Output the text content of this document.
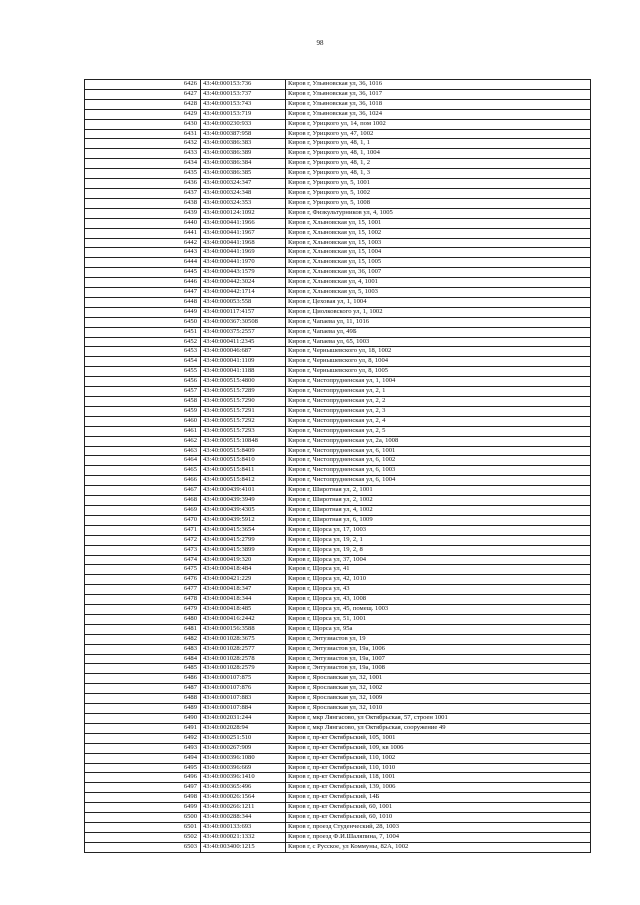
98
6426	43:40:000153:736	Киров г, Ульяновская ул, 36, 1016
6427	43:40:000153:737	Киров г, Ульяновская ул, 36, 1017
6428	43:40:000153:743	Киров г, Ульяновская ул, 36, 1018
6429	43:40:000153:719	Киров г, Ульяновская ул, 36, 1024
6430	43:40:000230:933	Киров г, Урицкого ул, 14, пом 1002
6431	43:40:000387:958	Киров г, Урицкого ул, 47, 1002
6432	43:40:000386:383	Киров г, Урицкого ул, 48, 1, 1
6433	43:40:000386:389	Киров г, Урицкого ул, 48, 1, 1004
6434	43:40:000386:384	Киров г, Урицкого ул, 48, 1, 2
6435	43:40:000386:385	Киров г, Урицкого ул, 48, 1, 3
6436	43:40:000324:347	Киров г, Урицкого ул, 5, 1001
6437	43:40:000324:348	Киров г, Урицкого ул, 5, 1002
6438	43:40:000324:353	Киров г, Урицкого ул, 5, 1008
6439	43:40:000124:1092	Киров г, Физкультурников ул, 4, 1005
6440	43:40:000441:1966	Киров г, Хлыновская ул, 15, 1001
6441	43:40:000441:1967	Киров г, Хлыновская ул, 15, 1002
6442	43:40:000441:1968	Киров г, Хлыновская ул, 15, 1003
6443	43:40:000441:1969	Киров г, Хлыновская ул, 15, 1004
6444	43:40:000441:1970	Киров г, Хлыновская ул, 15, 1005
6445	43:40:000443:1579	Киров г, Хлыновская ул, 36, 1007
6446	43:40:000442:3024	Киров г, Хлыновская ул, 4, 1001
6447	43:40:000442:1714	Киров г, Хлыновская ул, 5, 1003
6448	43:40:000053:558	Киров г, Цеховая ул, 1, 1004
6449	43:40:000117:4157	Киров г, Циолковского ул, 1, 1002
6450	43:40:000367:30508	Киров г, Чапаева ул, 11, 1016
6451	43:40:000375:2557	Киров г, Чапаева ул, 49Б
6452	43:40:000411:2345	Киров г, Чапаева ул, 65, 1003
6453	43:40:000046:687	Киров г, Чернышевского ул, 18, 1002
6454	43:40:000041:1109	Киров г, Чернышевского ул, 8, 1004
6455	43:40:000041:1188	Киров г, Чернышевского ул, 8, 1005
6456	43:40:000515:4800	Киров г, Чистопрудненская ул, 1, 1004
6457	43:40:000515:7289	Киров г, Чистопрудненская ул, 2, 1
6458	43:40:000515:7290	Киров г, Чистопрудненская ул, 2, 2
6459	43:40:000515:7291	Киров г, Чистопрудненская ул, 2, 3
6460	43:40:000515:7292	Киров г, Чистопрудненская ул, 2, 4
6461	43:40:000515:7293	Киров г, Чистопрудненская ул, 2, 5
6462	43:40:000515:10848	Киров г, Чистопрудненская ул, 2а, 1008
6463	43:40:000515:8409	Киров г, Чистопрудненская ул, 6, 1001
6464	43:40:000515:8410	Киров г, Чистопрудненская ул, 6, 1002
6465	43:40:000515:8411	Киров г, Чистопрудненская ул, 6, 1003
6466	43:40:000515:8412	Киров г, Чистопрудненская ул, 6, 1004
6467	43:40:000439:4101	Киров г, Широтная ул, 2, 1001
6468	43:40:000439:3949	Киров г, Широтная ул, 2, 1002
6469	43:40:000439:4305	Киров г, Широтная ул, 4, 1002
6470	43:40:000439:5912	Киров г, Широтная ул, 6, 1009
6471	43:40:000415:3654	Киров г, Щорса ул, 17, 1003
6472	43:40:000415:2799	Киров г, Щорса ул, 19, 2, 1
6473	43:40:000415:3899	Киров г, Щорса ул, 19, 2, 8
6474	43:40:000419:320	Киров г, Щорса ул, 37, 1004
6475	43:40:000418:484	Киров г, Щорса ул, 41
6476	43:40:000421:229	Киров г, Щорса ул, 42, 1010
6477	43:40:000418:347	Киров г, Щорса ул, 43
6478	43:40:000418:344	Киров г, Щорса ул, 43, 1008
6479	43:40:000418:485	Киров г, Щорса ул, 45, помещ. 1003
6480	43:40:000416:2442	Киров г, Щорса ул, 51, 1001
6481	43:40:000156:3588	Киров г, Щорса ул, 95а
6482	43:40:001028:3675	Киров г, Энтузиастов ул, 19
6483	43:40:001028:2577	Киров г, Энтузиастов ул, 19а, 1006
6484	43:40:001028:2578	Киров г, Энтузиастов ул, 19а, 1007
6485	43:40:001028:2579	Киров г, Энтузиастов ул, 19а, 1008
6486	43:40:000107:875	Киров г, Ярославская ул, 32, 1001
6487	43:40:000107:876	Киров г, Ярославская ул, 32, 1002
6488	43:40:000107:883	Киров г, Ярославская ул, 32, 1009
6489	43:40:000107:884	Киров г, Ярославская ул, 32, 1010
6490	43:40:002031:244	Киров г, мкр Лянгасово, ул Октябрьская, 57, строен 1001
6491	43:40:002028:94	Киров г, мкр Лянгасово, ул Октябрьская, сооружение 49
6492	43:40:000251:510	Киров г, пр-кт Октябрьский, 105, 1001
6493	43:40:000267:909	Киров г, пр-кт Октябрьский, 109, кв 1006
6494	43:40:000396:1080	Киров г, пр-кт Октябрьский, 110, 1002
6495	43:40:000396:669	Киров г, пр-кт Октябрьский, 110, 1010
6496	43:40:000396:1410	Киров г, пр-кт Октябрьский, 118, 1001
6497	43:40:000365:496	Киров г, пр-кт Октябрьский, 139, 1006
6498	43:40:000026:1564	Киров г, пр-кт Октябрьский, 14Б
6499	43:40:000266:1211	Киров г, пр-кт Октябрьский, 60, 1001
6500	43:40:000288:344	Киров г, пр-кт Октябрьский, 60, 1010
6501	43:40:000133:693	Киров г, проезд Студенческий, 28, 1003
6502	43:40:000021:1332	Киров г, проезд Ф.И.Шаляпина, 7, 1004
6503	43:40:003400:1215	Киров г, с Русское, ул Коммуны, 82А, 1002
